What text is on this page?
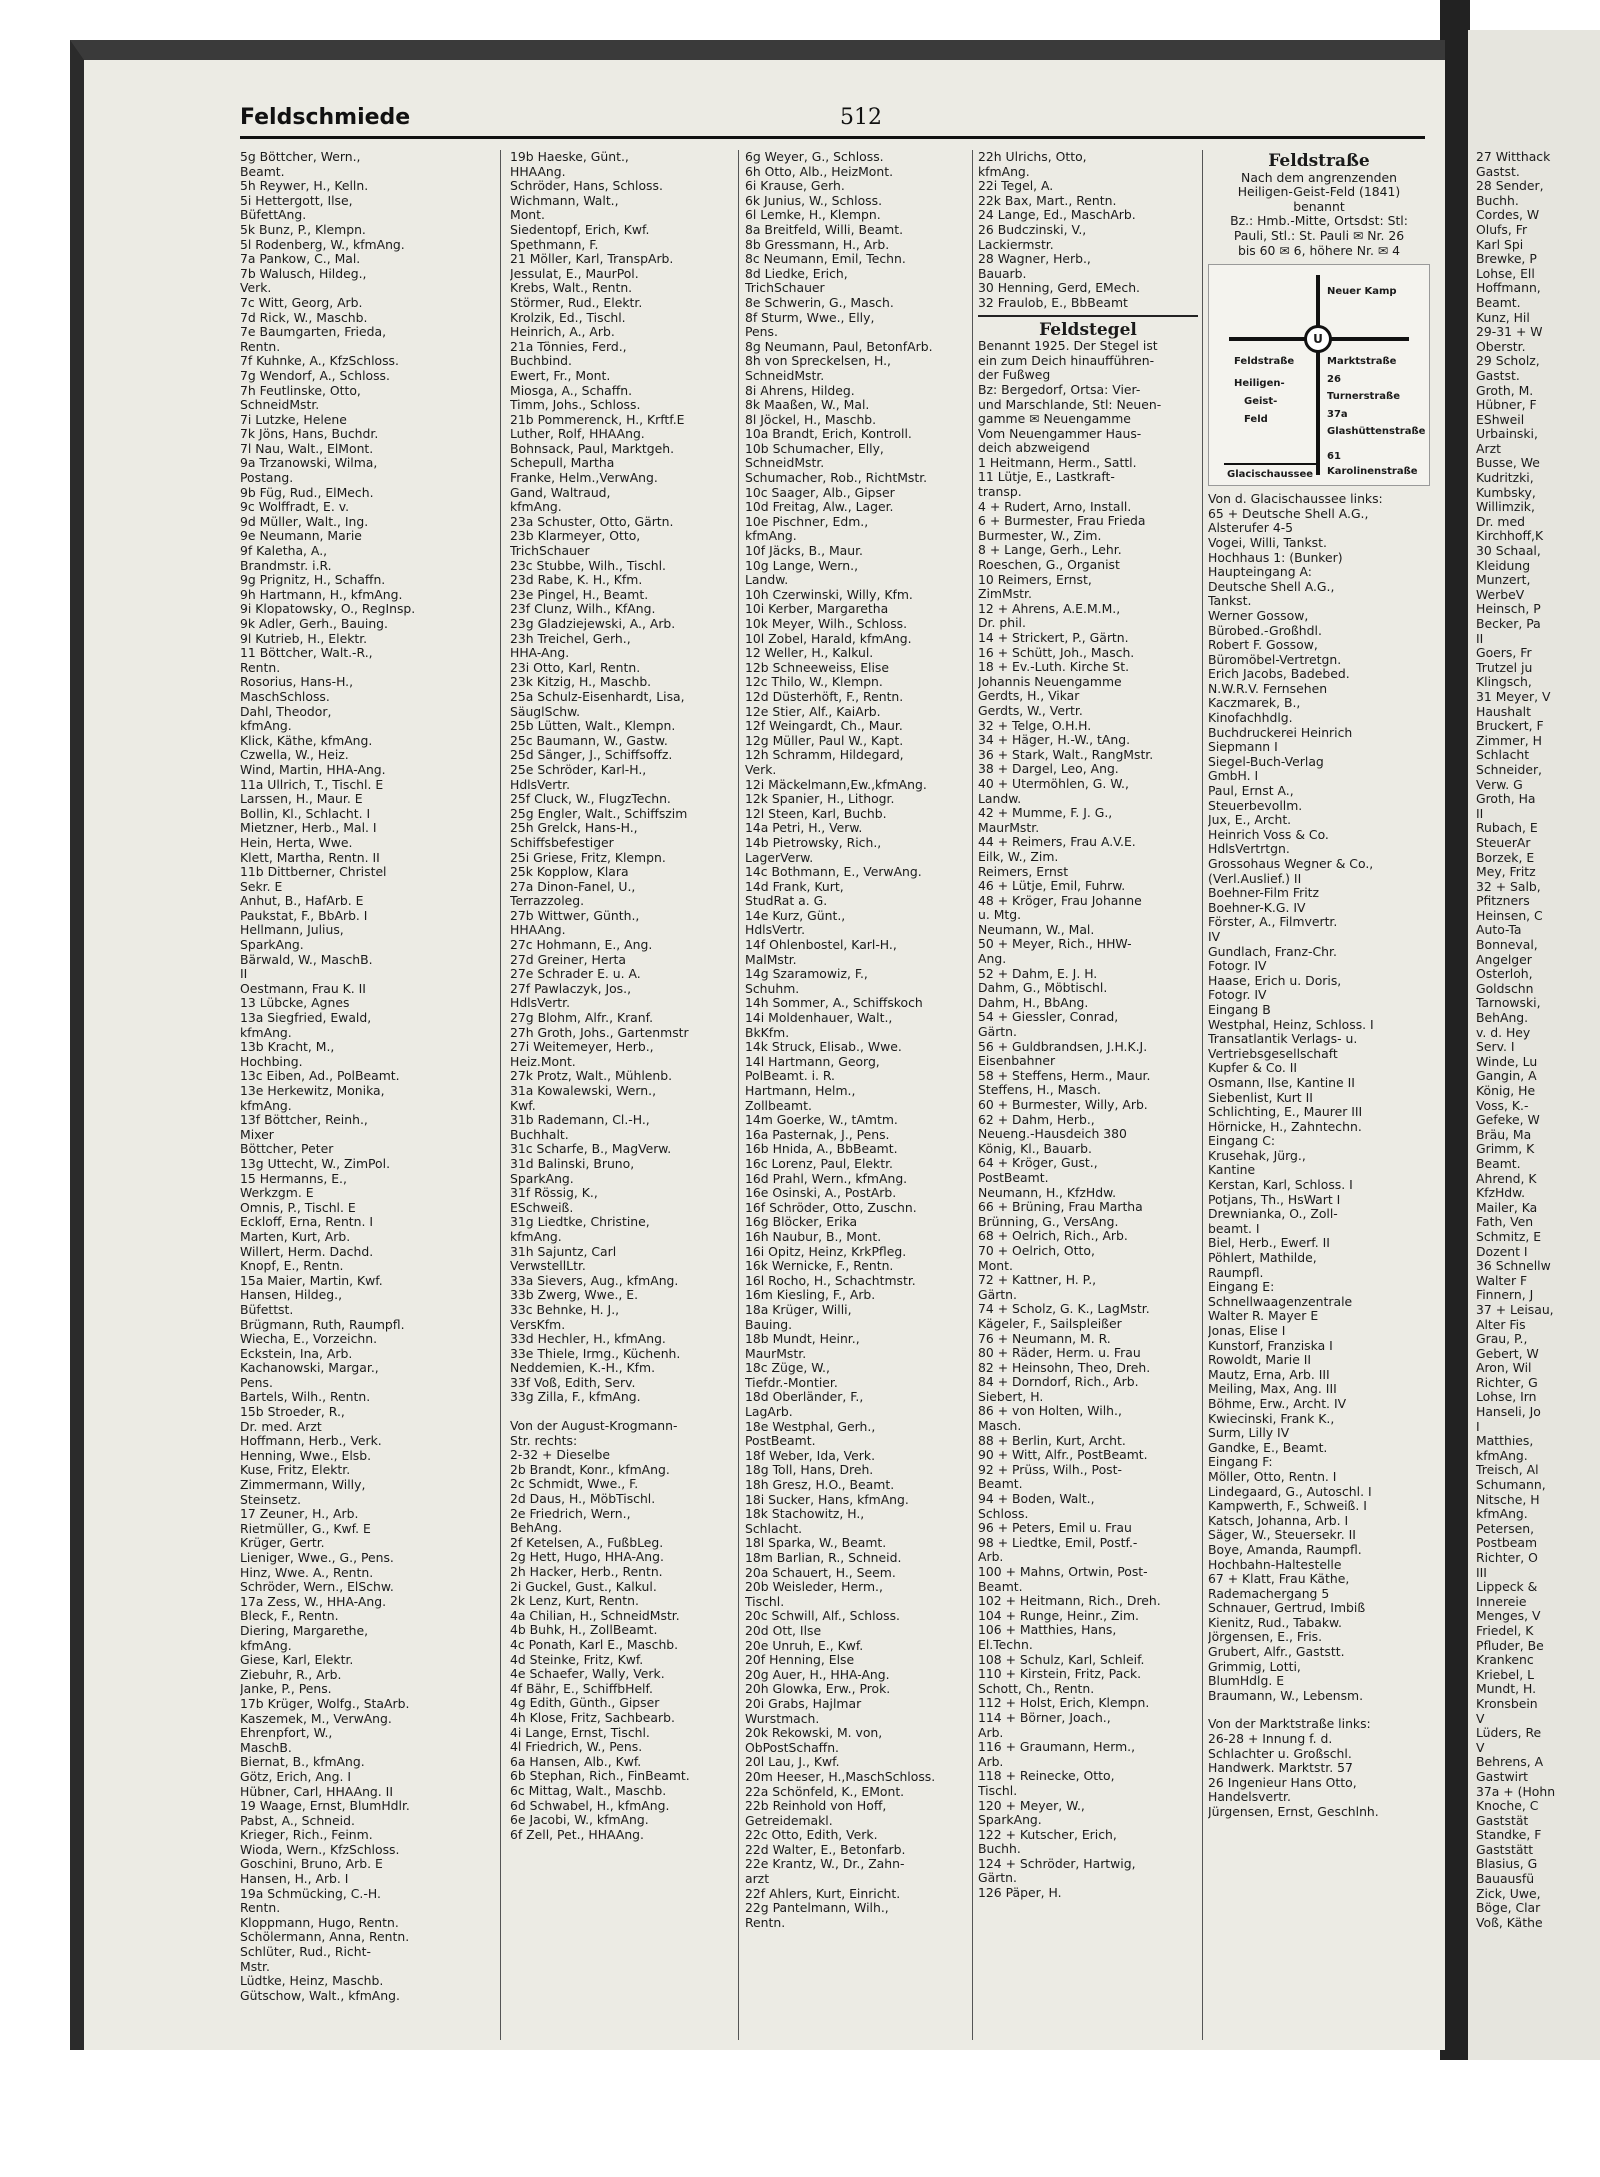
Feldschmiede	512
5g Böttcher, Wern.,
Beamt.
5h Reywer, H., Kelln.
5i Hettergott, Ilse,
BüfettAng.
5k Bunz, P., Klempn.
5l Rodenberg, W., kfmAng.
7a Pankow, C., Mal.
7b Walusch, Hildeg.,
Verk.
7c Witt, Georg, Arb.
7d Rick, W., Maschb.
7e Baumgarten, Frieda,
Rentn.
7f Kuhnke, A., KfzSchloss.
7g Wendorf, A., Schloss.
7h Feutlinske, Otto,
SchneidMstr.
7i Lutzke, Helene
7k Jöns, Hans, Buchdr.
7l Nau, Walt., ElMont.
9a Trzanowski, Wilma,
Postang.
9b Füg, Rud., ElMech.
9c Wolffradt, E. v.
9d Müller, Walt., Ing.
9e Neumann, Marie
9f Kaletha, A.,
Brandmstr. i.R.
9g Prignitz, H., Schaffn.
9h Hartmann, H., kfmAng.
9i Klopatowsky, O., RegInsp.
9k Adler, Gerh., Bauing.
9l Kutrieb, H., Elektr.
11 Böttcher, Walt.-R.,
Rentn.
Rosorius, Hans-H.,
MaschSchloss.
Dahl, Theodor,
kfmAng.
Klick, Käthe, kfmAng.
Czwella, W., Heiz.
Wind, Martin, HHA-Ang.
11a Ullrich, T., Tischl. E
Larssen, H., Maur. E
Bollin, Kl., Schlacht. I
Mietzner, Herb., Mal. I
Hein, Herta, Wwe.
Klett, Martha, Rentn. II
11b Dittberner, Christel
Sekr. E
Anhut, B., HafArb. E
Paukstat, F., BbArb. I
Hellmann, Julius,
SparkAng.
Bärwald, W., MaschB.
II
Oestmann, Frau K. II
13 Lübcke, Agnes
13a Siegfried, Ewald,
kfmAng.
13b Kracht, M.,
Hochbing.
13c Eiben, Ad., PolBeamt.
13e Herkewitz, Monika,
kfmAng.
13f Böttcher, Reinh.,
Mixer
Böttcher, Peter
13g Uttecht, W., ZimPol.
15 Hermanns, E.,
Werkzgm. E
Omnis, P., Tischl. E
Eckloff, Erna, Rentn. I
Marten, Kurt, Arb.
Willert, Herm. Dachd.
Knopf, E., Rentn.
15a Maier, Martin, Kwf.
Hansen, Hildeg.,
Büfettst.
Brügmann, Ruth, Raumpfl.
Wiecha, E., Vorzeichn.
Eckstein, Ina, Arb.
Kachanowski, Margar.,
Pens.
Bartels, Wilh., Rentn.
15b Stroeder, R.,
Dr. med. Arzt
Hoffmann, Herb., Verk.
Henning, Wwe., Elsb.
Kuse, Fritz, Elektr.
Zimmermann, Willy,
Steinsetz.
17 Zeuner, H., Arb.
Rietmüller, G., Kwf. E
Krüger, Gertr.
Lieniger, Wwe., G., Pens.
Hinz, Wwe. A., Rentn.
Schröder, Wern., ElSchw.
17a Zess, W., HHA-Ang.
Bleck, F., Rentn.
Diering, Margarethe,
kfmAng.
Giese, Karl, Elektr.
Ziebuhr, R., Arb.
Janke, P., Pens.
17b Krüger, Wolfg., StaArb.
Kaszemek, M., VerwAng.
Ehrenpfort, W.,
MaschB.
Biernat, B., kfmAng.
Götz, Erich, Ang. I
Hübner, Carl, HHAAng. II
19 Waage, Ernst, BlumHdlr.
Pabst, A., Schneid.
Krieger, Rich., Feinm.
Wioda, Wern., KfzSchloss.
Goschini, Bruno, Arb. E
Hansen, H., Arb. I
19a Schmücking, C.-H.
Rentn.
Kloppmann, Hugo, Rentn.
Schölermann, Anna, Rentn.
Schlüter, Rud., Richt-
Mstr.
Lüdtke, Heinz, Maschb.
Gütschow, Walt., kfmAng.
19b Haeske, Günt.,
HHAAng.
Schröder, Hans, Schloss.
Wichmann, Walt.,
Mont.
Siedentopf, Erich, Kwf.
Spethmann, F.
21 Möller, Karl, TranspArb.
Jessulat, E., MaurPol.
Krebs, Walt., Rentn.
Störmer, Rud., Elektr.
Krolzik, Ed., Tischl.
Heinrich, A., Arb.
21a Tönnies, Ferd.,
Buchbind.
Ewert, Fr., Mont.
Miosga, A., Schaffn.
Timm, Johs., Schloss.
21b Pommerenck, H., Krftf.E
Luther, Rolf, HHAAng.
Bohnsack, Paul, Marktgeh.
Schepull, Martha
Franke, Helm.,VerwAng.
Gand, Waltraud,
kfmAng.
23a Schuster, Otto, Gärtn.
23b Klarmeyer, Otto,
TrichSchauer
23c Stubbe, Wilh., Tischl.
23d Rabe, K. H., Kfm.
23e Pingel, H., Beamt.
23f Clunz, Wilh., KfAng.
23g Gladziejewski, A., Arb.
23h Treichel, Gerh.,
HHA-Ang.
23i Otto, Karl, Rentn.
23k Kitzig, H., Maschb.
25a Schulz-Eisenhardt, Lisa,
SäuglSchw.
25b Lütten, Walt., Klempn.
25c Baumann, W., Gastw.
25d Sänger, J., Schiffsoffz.
25e Schröder, Karl-H.,
HdlsVertr.
25f Cluck, W., FlugzTechn.
25g Engler, Walt., Schiffszim
25h Grelck, Hans-H.,
Schiffsbefestiger
25i Griese, Fritz, Klempn.
25k Kopplow, Klara
27a Dinon-Fanel, U.,
Terrazzoleg.
27b Wittwer, Günth.,
HHAAng.
27c Hohmann, E., Ang.
27d Greiner, Herta
27e Schrader E. u. A.
27f Pawlaczyk, Jos.,
HdlsVertr.
27g Blohm, Alfr., Kranf.
27h Groth, Johs., Gartenmstr
27i Weitemeyer, Herb.,
Heiz.Mont.
27k Protz, Walt., Mühlenb.
31a Kowalewski, Wern.,
Kwf.
31b Rademann, Cl.-H.,
Buchhalt.
31c Scharfe, B., MagVerw.
31d Balinski, Bruno,
SparkAng.
31f Rössig, K.,
ESchweiß.
31g Liedtke, Christine,
kfmAng.
31h Sajuntz, Carl
VerwstellLtr.
33a Sievers, Aug., kfmAng.
33b Zwerg, Wwe., E.
33c Behnke, H. J.,
VersKfm.
33d Hechler, H., kfmAng.
33e Thiele, Irmg., Küchenh.
Neddemien, K.-H., Kfm.
33f Voß, Edith, Serv.
33g Zilla, F., kfmAng.
Von der August-Krogmann-
Str. rechts:
2-32 + Dieselbe
2b Brandt, Konr., kfmAng.
2c Schmidt, Wwe., F.
2d Daus, H., MöbTischl.
2e Friedrich, Wern.,
BehAng.
2f Ketelsen, A., FußbLeg.
2g Hett, Hugo, HHA-Ang.
2h Hacker, Herb., Rentn.
2i Guckel, Gust., Kalkul.
2k Lenz, Kurt, Rentn.
4a Chilian, H., SchneidMstr.
4b Buhk, H., ZollBeamt.
4c Ponath, Karl E., Maschb.
4d Steinke, Fritz, Kwf.
4e Schaefer, Wally, Verk.
4f Bähr, E., SchiffbHelf.
4g Edith, Günth., Gipser
4h Klose, Fritz, Sachbearb.
4i Lange, Ernst, Tischl.
4l Friedrich, W., Pens.
6a Hansen, Alb., Kwf.
6b Stephan, Rich., FinBeamt.
6c Mittag, Walt., Maschb.
6d Schwabel, H., kfmAng.
6e Jacobi, W., kfmAng.
6f Zell, Pet., HHAAng.
6g Weyer, G., Schloss.
6h Otto, Alb., HeizMont.
6i Krause, Gerh.
6k Junius, W., Schloss.
6l Lemke, H., Klempn.
8a Breitfeld, Willi, Beamt.
8b Gressmann, H., Arb.
8c Neumann, Emil, Techn.
8d Liedke, Erich,
TrichSchauer
8e Schwerin, G., Masch.
8f Sturm, Wwe., Elly,
Pens.
8g Neumann, Paul, BetonfArb.
8h von Spreckelsen, H.,
SchneidMstr.
8i Ahrens, Hildeg.
8k Maaßen, W., Mal.
8l Jöckel, H., Maschb.
10a Brandt, Erich, Kontroll.
10b Schumacher, Elly,
SchneidMstr.
Schumacher, Rob., RichtMstr.
10c Saager, Alb., Gipser
10d Freitag, Alw., Lager.
10e Pischner, Edm.,
kfmAng.
10f Jäcks, B., Maur.
10g Lange, Wern.,
Landw.
10h Czerwinski, Willy, Kfm.
10i Kerber, Margaretha
10k Meyer, Wilh., Schloss.
10l Zobel, Harald, kfmAng.
12 Weller, H., Kalkul.
12b Schneeweiss, Elise
12c Thilo, W., Klempn.
12d Düsterhöft, F., Rentn.
12e Stier, Alf., KaiArb.
12f Weingardt, Ch., Maur.
12g Müller, Paul W., Kapt.
12h Schramm, Hildegard,
Verk.
12i Mäckelmann,Ew.,kfmAng.
12k Spanier, H., Lithogr.
12l Steen, Karl, Buchb.
14a Petri, H., Verw.
14b Pietrowsky, Rich.,
LagerVerw.
14c Bothmann, E., VerwAng.
14d Frank, Kurt,
StudRat a. G.
14e Kurz, Günt.,
HdlsVertr.
14f Ohlenbostel, Karl-H.,
MalMstr.
14g Szaramowiz, F.,
Schuhm.
14h Sommer, A., Schiffskoch
14i Moldenhauer, Walt.,
BkKfm.
14k Struck, Elisab., Wwe.
14l Hartmann, Georg,
PolBeamt. i. R.
Hartmann, Helm.,
Zollbeamt.
14m Goerke, W., tAmtm.
16a Pasternak, J., Pens.
16b Hnida, A., BbBeamt.
16c Lorenz, Paul, Elektr.
16d Prahl, Wern., kfmAng.
16e Osinski, A., PostArb.
16f Schröder, Otto, Zuschn.
16g Blöcker, Erika
16h Naubur, B., Mont.
16i Opitz, Heinz, KrkPfleg.
16k Wernicke, F., Rentn.
16l Rocho, H., Schachtmstr.
16m Kiesling, F., Arb.
18a Krüger, Willi,
Bauing.
18b Mundt, Heinr.,
MaurMstr.
18c Züge, W.,
Tiefdr.-Montier.
18d Oberländer, F.,
LagArb.
18e Westphal, Gerh.,
PostBeamt.
18f Weber, Ida, Verk.
18g Toll, Hans, Dreh.
18h Gresz, H.O., Beamt.
18i Sucker, Hans, kfmAng.
18k Stachowitz, H.,
Schlacht.
18l Sparka, W., Beamt.
18m Barlian, R., Schneid.
20a Schauert, H., Seem.
20b Weisleder, Herm.,
Tischl.
20c Schwill, Alf., Schloss.
20d Ott, Ilse
20e Unruh, E., Kwf.
20f Henning, Else
20g Auer, H., HHA-Ang.
20h Glowka, Erw., Prok.
20i Grabs, Hajlmar
Wurstmach.
20k Rekowski, M. von,
ObPostSchaffn.
20l Lau, J., Kwf.
20m Heeser, H.,MaschSchloss.
22a Schönfeld, K., EMont.
22b Reinhold von Hoff,
Getreidemakl.
22c Otto, Edith, Verk.
22d Walter, E., Betonfarb.
22e Krantz, W., Dr., Zahn-
arzt
22f Ahlers, Kurt, Einricht.
22g Pantelmann, Wilh.,
Rentn.
22h Ulrichs, Otto,
kfmAng.
22i Tegel, A.
22k Bax, Mart., Rentn.
24 Lange, Ed., MaschArb.
26 Budczinski, V.,
Lackiermstr.
28 Wagner, Herb.,
Bauarb.
30 Henning, Gerd, EMech.
32 Fraulob, E., BbBeamt
Feldstegel
Benannt 1925. Der Stegel ist
ein zum Deich hinaufführen-
der Fußweg
Bz: Bergedorf, Ortsa: Vier-
und Marschlande, Stl: Neuen-
gamme ✉ Neuengamme
Vom Neuengammer Haus-
deich abzweigend
1 Heitmann, Herm., Sattl.
11 Lütje, E., Lastkraft-
transp.
4 + Rudert, Arno, Install.
6 + Burmester, Frau Frieda
Burmester, W., Zim.
8 + Lange, Gerh., Lehr.
Roeschen, G., Organist
10 Reimers, Ernst,
ZimMstr.
12 + Ahrens, A.E.M.M.,
Dr. phil.
14 + Strickert, P., Gärtn.
16 + Schütt, Joh., Masch.
18 + Ev.-Luth. Kirche St.
Johannis Neuengamme
Gerdts, H., Vikar
Gerdts, W., Vertr.
32 + Telge, O.H.H.
34 + Häger, H.-W., tAng.
36 + Stark, Walt., RangMstr.
38 + Dargel, Leo, Ang.
40 + Utermöhlen, G. W.,
Landw.
42 + Mumme, F. J. G.,
MaurMstr.
44 + Reimers, Frau A.V.E.
Eilk, W., Zim.
Reimers, Ernst
46 + Lütje, Emil, Fuhrw.
48 + Kröger, Frau Johanne
u. Mtg.
Neumann, W., Mal.
50 + Meyer, Rich., HHW-
Ang.
52 + Dahm, E. J. H.
Dahm, G., Möbtischl.
Dahm, H., BbAng.
54 + Giessler, Conrad,
Gärtn.
56 + Guldbrandsen, J.H.K.J.
Eisenbahner
58 + Steffens, Herm., Maur.
Steffens, H., Masch.
60 + Burmester, Willy, Arb.
62 + Dahm, Herb.,
Neueng.-Hausdeich 380
König, Kl., Bauarb.
64 + Kröger, Gust.,
PostBeamt.
Neumann, H., KfzHdw.
66 + Brüning, Frau Martha
Brünning, G., VersAng.
68 + Oelrich, Rich., Arb.
70 + Oelrich, Otto,
Mont.
72 + Kattner, H. P.,
Gärtn.
74 + Scholz, G. K., LagMstr.
Kägeler, F., Sailspleißer
76 + Neumann, M. R.
80 + Räder, Herm. u. Frau
82 + Heinsohn, Theo, Dreh.
84 + Dorndorf, Rich., Arb.
Siebert, H.
86 + von Holten, Wilh.,
Masch.
88 + Berlin, Kurt, Archt.
90 + Witt, Alfr., PostBeamt.
92 + Prüss, Wilh., Post-
Beamt.
94 + Boden, Walt.,
Schloss.
96 + Peters, Emil u. Frau
98 + Liedtke, Emil, Postf.-
Arb.
100 + Mahns, Ortwin, Post-
Beamt.
102 + Heitmann, Rich., Dreh.
104 + Runge, Heinr., Zim.
106 + Matthies, Hans,
El.Techn.
108 + Schulz, Karl, Schleif.
110 + Kirstein, Fritz, Pack.
Schott, Ch., Rentn.
112 + Holst, Erich, Klempn.
114 + Börner, Joach.,
Arb.
116 + Graumann, Herm.,
Arb.
118 + Reinecke, Otto,
Tischl.
120 + Meyer, W.,
SparkAng.
122 + Kutscher, Erich,
Buchh.
124 + Schröder, Hartwig,
Gärtn.
126 Päper, H.
Feldstraße
Nach dem angrenzenden
Heiligen-Geist-Feld (1841)
benannt
Bz.: Hmb.-Mitte, Ortsdst: Stl:
Pauli, Stl.: St. Pauli ✉ Nr. 26
bis 60 ✉ 6, höhere Nr. ✉ 4
U
Feldstraße
Heiligen-
Geist-
Feld
Glacischaussee
Marktstraße
Turnerstraße
Glashüttenstraße
Karolinenstraße
Neuer Kamp
26
37a
61
Von d. Glacischaussee links:
65 + Deutsche Shell A.G.,
Alsterufer 4-5
Vogei, Willi, Tankst.
Hochhaus 1: (Bunker)
Haupteingang A:
Deutsche Shell A.G.,
Tankst.
Werner Gossow,
Bürobed.-Großhdl.
Robert F. Gossow,
Büromöbel-Vertretgn.
Erich Jacobs, Badebed.
N.W.R.V. Fernsehen
Kaczmarek, B.,
Kinofachhdlg.
Buchdruckerei Heinrich
Siepmann I
Siegel-Buch-Verlag
GmbH. I
Paul, Ernst A.,
Steuerbevollm.
Jux, E., Archt.
Heinrich Voss & Co.
HdlsVertrtgn.
Grossohaus Wegner & Co.,
(Verl.Auslief.) II
Boehner-Film Fritz
Boehner-K.G. IV
Förster, A., Filmvertr.
IV
Gundlach, Franz-Chr.
Fotogr. IV
Haase, Erich u. Doris,
Fotogr. IV
Eingang B
Westphal, Heinz, Schloss. I
Transatlantik Verlags- u.
Vertriebsgesellschaft
Kupfer & Co. II
Osmann, Ilse, Kantine II
Siebenlist, Kurt II
Schlichting, E., Maurer III
Hörnicke, H., Zahntechn.
Eingang C:
Krusehak, Jürg.,
Kantine
Kerstan, Karl, Schloss. I
Potjans, Th., HsWart I
Drewnianka, O., Zoll-
beamt. I
Biel, Herb., Ewerf. II
Pöhlert, Mathilde,
Raumpfl.
Eingang E:
Schnellwaagenzentrale
Walter R. Mayer E
Jonas, Elise I
Kunstorf, Franziska I
Rowoldt, Marie II
Mautz, Erna, Arb. III
Meiling, Max, Ang. III
Böhme, Erw., Archt. IV
Kwiecinski, Frank K.,
Surm, Lilly IV
Gandke, E., Beamt.
Eingang F:
Möller, Otto, Rentn. I
Lindegaard, G., Autoschl. I
Kampwerth, F., Schweiß. I
Katsch, Johanna, Arb. I
Säger, W., Steuersekr. II
Boye, Amanda, Raumpfl.
Hochbahn-Haltestelle
67 + Klatt, Frau Käthe,
Rademachergang 5
Schnauer, Gertrud, Imbiß
Kienitz, Rud., Tabakw.
Jörgensen, E., Fris.
Grubert, Alfr., Gaststt.
Grimmig, Lotti,
BlumHdlg. E
Braumann, W., Lebensm.
Von der Marktstraße links:
26-28 + Innung f. d.
Schlachter u. Großschl.
Handwerk. Marktstr. 57
26 Ingenieur Hans Otto,
Handelsvertr.
Jürgensen, Ernst, Geschlnh.
27 Witthack
Gastst.
28 Sender,
Buchh.
Cordes, W
Olufs, Fr
Karl Spi
Brewke, P
Lohse, Ell
Hoffmann,
Beamt.
Kunz, Hil
29-31 + W
Oberstr.
29 Scholz,
Gastst.
Groth, M.
Hübner, F
EShweil
Urbainski,
Arzt
Busse, We
Kudritzki,
Kumbsky,
Willimzik,
Dr. med
Kirchhoff,K
30 Schaal,
Kleidung
Munzert,
WerbeV
Heinsch, P
Becker, Pa
II
Goers, Fr
Trutzel ju
Klingsch,
31 Meyer, V
Haushalt
Bruckert, F
Zimmer, H
Schlacht
Schneider,
Verw. G
Groth, Ha
II
Rubach, E
SteuerAr
Borzek, E
Mey, Fritz
32 + Salb,
Pfitzners
Heinsen, C
Auto-Ta
Bonneval,
Angelger
Osterloh,
Goldschn
Tarnowski,
BehAng.
v. d. Hey
Serv. I
Winde, Lu
Gangin, A
König, He
Voss, K.-
Gefeke, W
Bräu, Ma
Grimm, K
Beamt.
Ahrend, K
KfzHdw.
Mailer, Ka
Fath, Ven
Schmitz, E
Dozent I
36 Schnellw
Walter F
Finnern, J
37 + Leisau,
Alter Fis
Grau, P.,
Gebert, W
Aron, Wil
Richter, G
Lohse, Irn
Hanseli, Jo
I
Matthies,
kfmAng.
Treisch, Al
Schumann,
Nitsche, H
kfmAng.
Petersen,
Postbeam
Richter, O
III
Lippeck &
Innereie
Menges, V
Friedel, K
Pfluder, Be
Krankenc
Kriebel, L
Mundt, H.
Kronsbein
V
Lüders, Re
V
Behrens, A
Gastwirt
37a + (Hohn
Knoche, C
Gaststät
Standke, F
Gaststätt
Blasius, G
Bauausfü
Zick, Uwe,
Böge, Clar
Voß, Käthe
